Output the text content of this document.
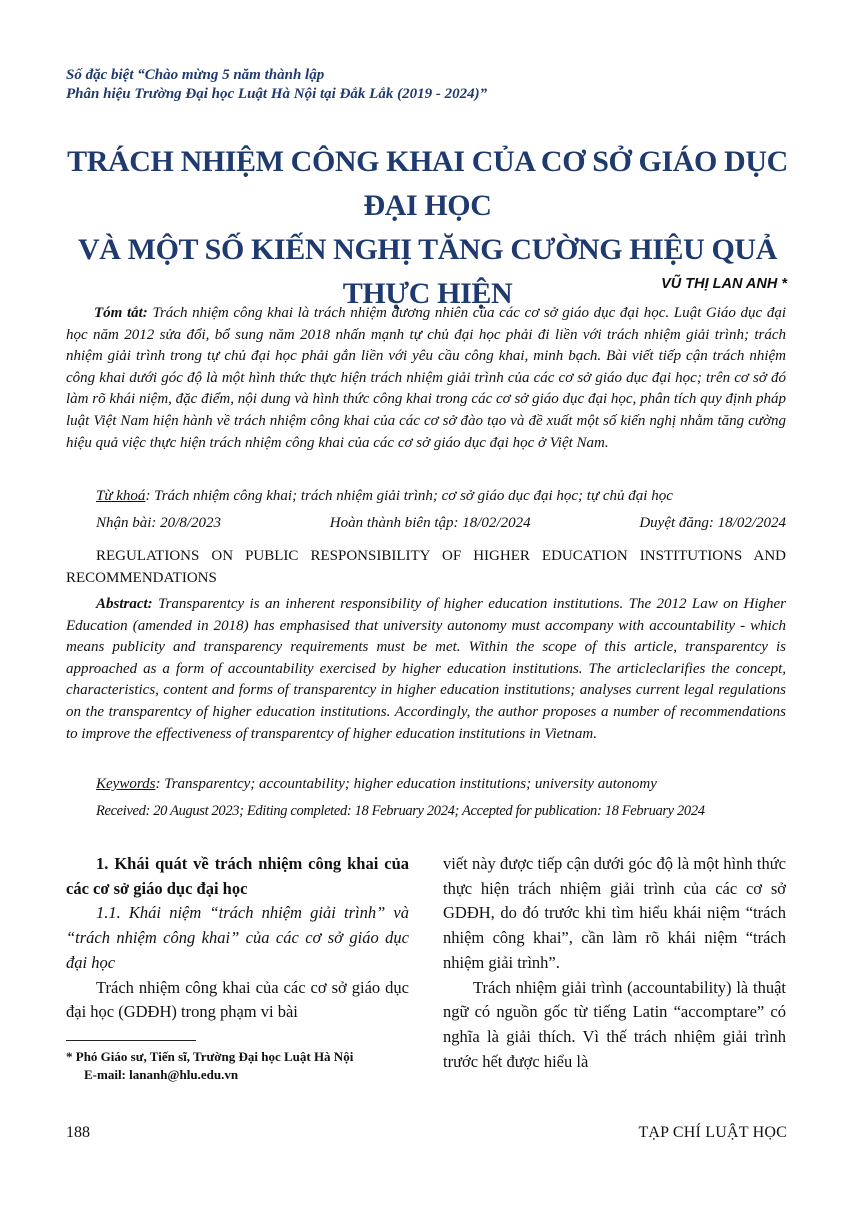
Số đặc biệt “Chào mừng 5 năm thành lập
Phân hiệu Trường Đại học Luật Hà Nội tại Đắk Lắk (2019 - 2024)”
TRÁCH NHIỆM CÔNG KHAI CỦA CƠ SỞ GIÁO DỤC ĐẠI HỌC
VÀ MỘT SỐ KIẾN NGHỊ TĂNG CƯỜNG HIỆU QUẢ THỰC HIỆN	VŨ THỊ LAN ANH *
Tóm tắt: Trách nhiệm công khai là trách nhiệm đương nhiên của các cơ sở giáo dục đại học. Luật Giáo dục đại học năm 2012 sửa đổi, bổ sung năm 2018 nhấn mạnh tự chủ đại học phải đi liền với trách nhiệm giải trình; trách nhiệm giải trình trong tự chủ đại học phải gắn liền với yêu cầu công khai, minh bạch. Bài viết tiếp cận trách nhiệm công khai dưới góc độ là một hình thức thực hiện trách nhiệm giải trình của các cơ sở giáo dục đại học; trên cơ sở đó làm rõ khái niệm, đặc điểm, nội dung và hình thức công khai trong các cơ sở giáo dục đại học, phân tích quy định pháp luật Việt Nam hiện hành về trách nhiệm công khai của các cơ sở đào tạo và đề xuất một số kiến nghị nhằm tăng cường hiệu quả việc thực hiện trách nhiệm công khai của các cơ sở giáo dục đại học ở Việt Nam.
Từ khoá: Trách nhiệm công khai; trách nhiệm giải trình; cơ sở giáo dục đại học; tự chủ đại học
Nhận bài: 20/8/2023	Hoàn thành biên tập: 18/02/2024	Duyệt đăng: 18/02/2024
REGULATIONS ON PUBLIC RESPONSIBILITY OF HIGHER EDUCATION INSTITUTIONS AND RECOMMENDATIONS
Abstract: Transparentcy is an inherent responsibility of higher education institutions. The 2012 Law on Higher Education (amended in 2018) has emphasised that university autonomy must accompany with accountability - which means publicity and transparency requirements must be met. Within the scope of this article, transparentcy is approached as a form of accountability exercised by higher education institutions. The articleclarifies the concept, characteristics, content and forms of transparentcy in higher education institutions; analyses current legal regulations on the transparentcy of higher education institutions. Accordingly, the author proposes a number of recommendations to improve the effectiveness of transparentcy of higher education institutions in Vietnam.
Keywords: Transparentcy; accountability; higher education institutions; university autonomy
Received: 20 August 2023; Editing completed: 18 February 2024; Accepted for publication: 18 February 2024

1. Khái quát về trách nhiệm công khai của các cơ sở giáo dục đại học

1.1. Khái niệm “trách nhiệm giải trình” và “trách nhiệm công khai” của các cơ sở giáo dục đại học

Trách nhiệm công khai của các cơ sở giáo dục đại học (GDĐH) trong phạm vi bài

viết này được tiếp cận dưới góc độ là một hình thức thực hiện trách nhiệm giải trình của các cơ sở GDĐH, do đó trước khi tìm hiểu khái niệm “trách nhiệm công khai”, cần làm rõ khái niệm “trách nhiệm giải trình”.

Trách nhiệm giải trình (accountability) là thuật ngữ có nguồn gốc từ tiếng Latin “accomptare” có nghĩa là giải thích. Vì thế trách nhiệm giải trình trước hết được hiểu là

* Phó Giáo sư, Tiến sĩ, Trường Đại học Luật Hà Nội
E-mail: lananh@hlu.edu.vn
188	TẠP CHÍ LUẬT HỌC
